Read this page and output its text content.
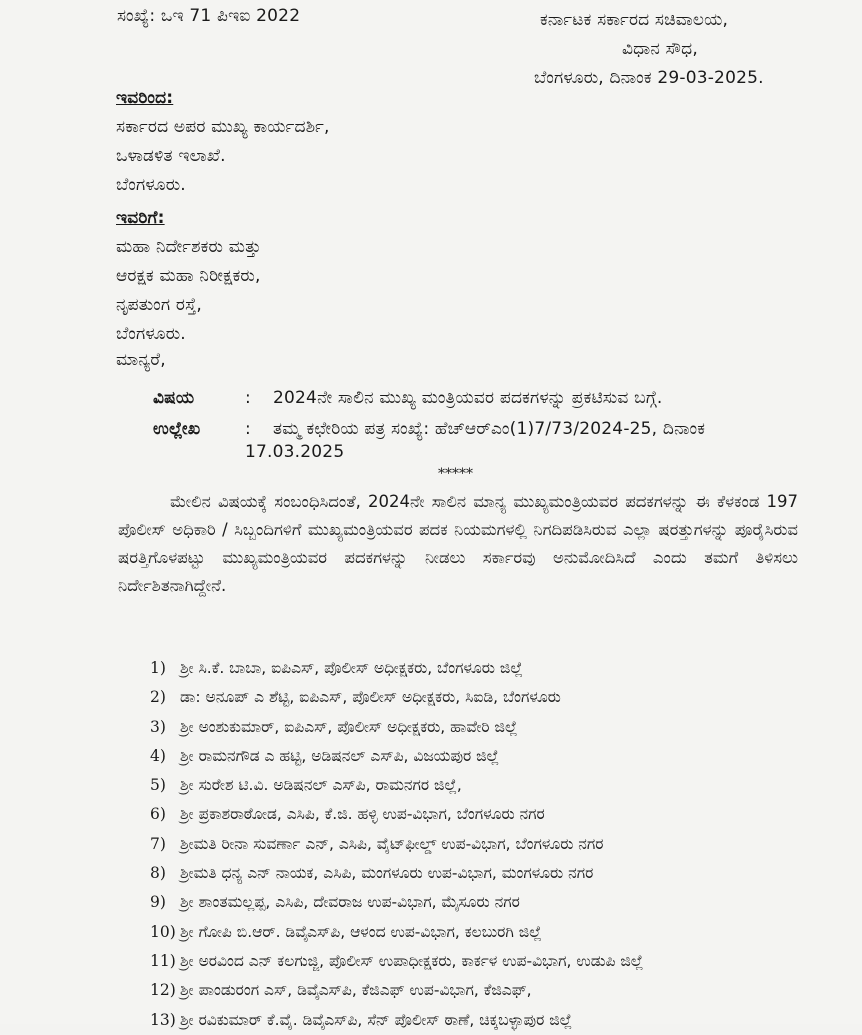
ಸಂಖ್ಯೆ: ಒಇ 71 ಪಿಇಐ 2022	ಕರ್ನಾಟಕ ಸರ್ಕಾರದ ಸಚಿವಾಲಯ,
ವಿಧಾನ ಸೌಧ,
ಬೆಂಗಳೂರು, ದಿನಾಂಕ 29-03-2025.
ಇವರಿಂದ:
ಸರ್ಕಾರದ ಅಪರ ಮುಖ್ಯ ಕಾರ್ಯದರ್ಶಿ,
ಒಳಾಡಳಿತ ಇಲಾಖೆ.
ಬೆಂಗಳೂರು.
ಇವರಿಗೆ:
ಮಹಾ ನಿರ್ದೇಶಕರು ಮತ್ತು
ಆರಕ್ಷಕ ಮಹಾ ನಿರೀಕ್ಷಕರು,
ನೃಪತುಂಗ ರಸ್ತೆ,
ಬೆಂಗಳೂರು.
ಮಾನ್ಯರೆ,
ವಿಷಯ	: 2024ನೇ ಸಾಲಿನ ಮುಖ್ಯ ಮಂತ್ರಿಯವರ ಪದಕಗಳನ್ನು ಪ್ರಕಟಿಸುವ ಬಗ್ಗೆ.
ಉಲ್ಲೇಖ	: ತಮ್ಮ ಕಛೇರಿಯ ಪತ್ರ ಸಂಖ್ಯೆ: ಹೆಚ್‌ಆರ್‌ಎಂ(1)7/73/2024-25, ದಿನಾಂಕ
17.03.2025
*****
ಮೇಲಿನ ವಿಷಯಕ್ಕೆ ಸಂಬಂಧಿಸಿದಂತೆ, 2024ನೇ ಸಾಲಿನ ಮಾನ್ಯ ಮುಖ್ಯಮಂತ್ರಿಯವರ ಪದಕಗಳನ್ನು ಈ ಕೆಳಕಂಡ 197 ಪೊಲೀಸ್ ಅಧಿಕಾರಿ / ಸಿಬ್ಬಂದಿಗಳಿಗೆ ಮುಖ್ಯಮಂತ್ರಿಯವರ ಪದಕ ನಿಯಮಗಳಲ್ಲಿ ನಿಗದಿಪಡಿಸಿರುವ ಎಲ್ಲಾ ಷರತ್ತುಗಳನ್ನು ಪೂರೈಸಿರುವ ಷರತ್ತಿಗೊಳಪಟ್ಟು ಮುಖ್ಯಮಂತ್ರಿಯವರ ಪದಕಗಳನ್ನು ನೀಡಲು ಸರ್ಕಾರವು ಅನುಮೋದಿಸಿದೆ ಎಂದು ತಮಗೆ ತಿಳಿಸಲು ನಿರ್ದೇಶಿತನಾಗಿದ್ದೇನೆ.
1) ಶ್ರೀ ಸಿ.ಕೆ. ಬಾಬಾ, ಐಪಿಎಸ್, ಪೊಲೀಸ್ ಅಧೀಕ್ಷಕರು, ಬೆಂಗಳೂರು ಜಿಲ್ಲೆ
2) ಡಾ: ಅನೂಪ್ ಎ ಶೆಟ್ಟಿ, ಐಪಿಎಸ್, ಪೊಲೀಸ್ ಅಧೀಕ್ಷಕರು, ಸಿಐಡಿ, ಬೆಂಗಳೂರು
3) ಶ್ರೀ ಅಂಶುಕುಮಾರ್, ಐಪಿಎಸ್, ಪೊಲೀಸ್ ಅಧೀಕ್ಷಕರು, ಹಾವೇರಿ ಜಿಲ್ಲೆ
4) ಶ್ರೀ ರಾಮನಗೌಡ ಎ ಹಟ್ಟಿ, ಅಡಿಷನಲ್ ಎಸ್‌ಪಿ, ವಿಜಯಪುರ ಜಿಲ್ಲೆ
5) ಶ್ರೀ ಸುರೇಶ ಟಿ.ವಿ. ಅಡಿಷನಲ್ ಎಸ್‌ಪಿ, ರಾಮನಗರ ಜಿಲ್ಲೆ,
6) ಶ್ರೀ ಪ್ರಕಾಶರಾಠೋಡ, ಎಸಿಪಿ, ಕೆ.ಜಿ. ಹಳ್ಳಿ ಉಪ-ವಿಭಾಗ, ಬೆಂಗಳೂರು ನಗರ
7) ಶ್ರೀಮತಿ ರೀನಾ ಸುವರ್ಣಾ ಎನ್, ಎಸಿಪಿ, ವೈಟ್‌ಫೀಲ್ಡ್ ಉಪ-ವಿಭಾಗ, ಬೆಂಗಳೂರು ನಗರ
8) ಶ್ರೀಮತಿ ಧನ್ಯ ಎನ್ ನಾಯಕ, ಎಸಿಪಿ, ಮಂಗಳೂರು ಉಪ-ವಿಭಾಗ, ಮಂಗಳೂರು ನಗರ
9) ಶ್ರೀ ಶಾಂತಮಲ್ಲಪ್ಪ, ಎಸಿಪಿ, ದೇವರಾಜ ಉಪ-ವಿಭಾಗ, ಮೈಸೂರು ನಗರ
10) ಶ್ರೀ ಗೋಪಿ ಬಿ.ಆರ್. ಡಿವೈಎಸ್‌ಪಿ, ಆಳಂದ ಉಪ-ವಿಭಾಗ, ಕಲಬುರಗಿ ಜಿಲ್ಲೆ
11) ಶ್ರೀ ಅರವಿಂದ ಎನ್ ಕಲಗುಜ್ಜಿ, ಪೊಲೀಸ್ ಉಪಾಧೀಕ್ಷಕರು, ಕಾರ್ಕಳ ಉಪ-ವಿಭಾಗ, ಉಡುಪಿ ಜಿಲ್ಲೆ
12) ಶ್ರೀ ಪಾಂಡುರಂಗ ಎಸ್, ಡಿವೈಎಸ್‌ಪಿ, ಕೆಜಿಎಫ್ ಉಪ-ವಿಭಾಗ, ಕೆಜಿಎಫ್,
13) ಶ್ರೀ ರವಿಕುಮಾರ್ ಕೆ.ವೈ. ಡಿವೈಎಸ್‌ಪಿ, ಸೆನ್ ಪೊಲೀಸ್ ಠಾಣೆ, ಚಿಕ್ಕಬಳ್ಳಾಪುರ ಜಿಲ್ಲೆ
